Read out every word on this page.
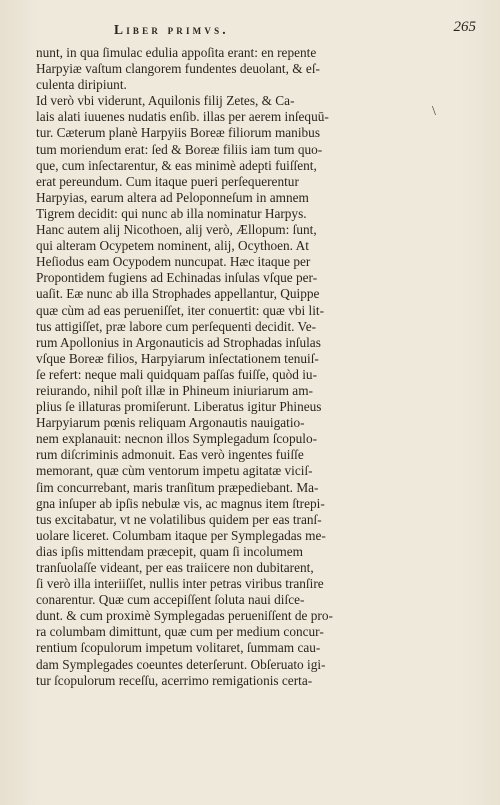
Liber primvs.	265
\
nunt, in qua ſimulac edulia appoſita erant: en repente
Harpyiæ vaſtum clangorem fundentes deuolant, & eſ-
culenta diripiunt.
Id verò vbi viderunt, Aquilonis filij Zetes, & Ca-
lais alati iuuenes nudatis enſib. illas per aerem inſequū-
tur. Cæterum planè Harpyiis Boreæ filiorum manibus
tum moriendum erat: ſed & Boreæ filiis iam tum quo-
que, cum inſectarentur, & eas minimè adepti fuiſſent,
erat pereundum. Cum itaque pueri perſequerentur
Harpyias, earum altera ad Peloponneſum in amnem
Tigrem decidit: qui nunc ab illa nominatur Harpys.
Hanc autem alij Nicothoen, alij verò, Ællopum: ſunt,
qui alteram Ocypetem nominent, alij, Ocythoen. At
Heſiodus eam Ocypodem nuncupat. Hæc itaque per
Propontidem fugiens ad Echinadas inſulas vſque per-
uaſit. Eæ nunc ab illa Strophades appellantur, Quippe
quæ cùm ad eas perueniſſet, iter conuertit: quæ vbi lit-
tus attigiſſet, præ labore cum perſequenti decidit. Ve-
rum Apollonius in Argonauticis ad Strophadas inſulas
vſque Boreæ filios, Harpyiarum inſectationem tenuiſ-
ſe refert: neque mali quidquam paſſas fuiſſe, quòd iu-
reiurando, nihil poſt illæ in Phineum iniuriarum am-
plius ſe illaturas promiſerunt. Liberatus igitur Phineus
Harpyiarum pœnis reliquam Argonautis nauigatio-
nem explanauit: necnon illos Symplegadum ſcopulo-
rum diſcriminis admonuit. Eas verò ingentes fuiſſe
memorant, quæ cùm ventorum impetu agitatæ viciſ-
ſim concurrebant, maris tranſitum præpediebant. Ma-
gna inſuper ab ipſis nebulæ vis, ac magnus item ſtrepi-
tus excitabatur, vt ne volatilibus quidem per eas tranſ-
uolare liceret. Columbam itaque per Symplegadas me-
dias ipſis mittendam præcepit, quam ſi incolumem
tranſuolaſſe videant, per eas traiicere non dubitarent,
ſi verò illa interiiſſet, nullis inter petras viribus tranſire
conarentur. Quæ cum accepiſſent ſoluta naui diſce-
dunt. & cum proximè Symplegadas perueniſſent de pro-
ra columbam dimittunt, quæ cum per medium concur-
rentium ſcopulorum impetum volitaret, ſummam cau-
dam Symplegades coeuntes deterſerunt. Obſeruato igi-
tur ſcopulorum receſſu, acerrimo remigationis certa-
